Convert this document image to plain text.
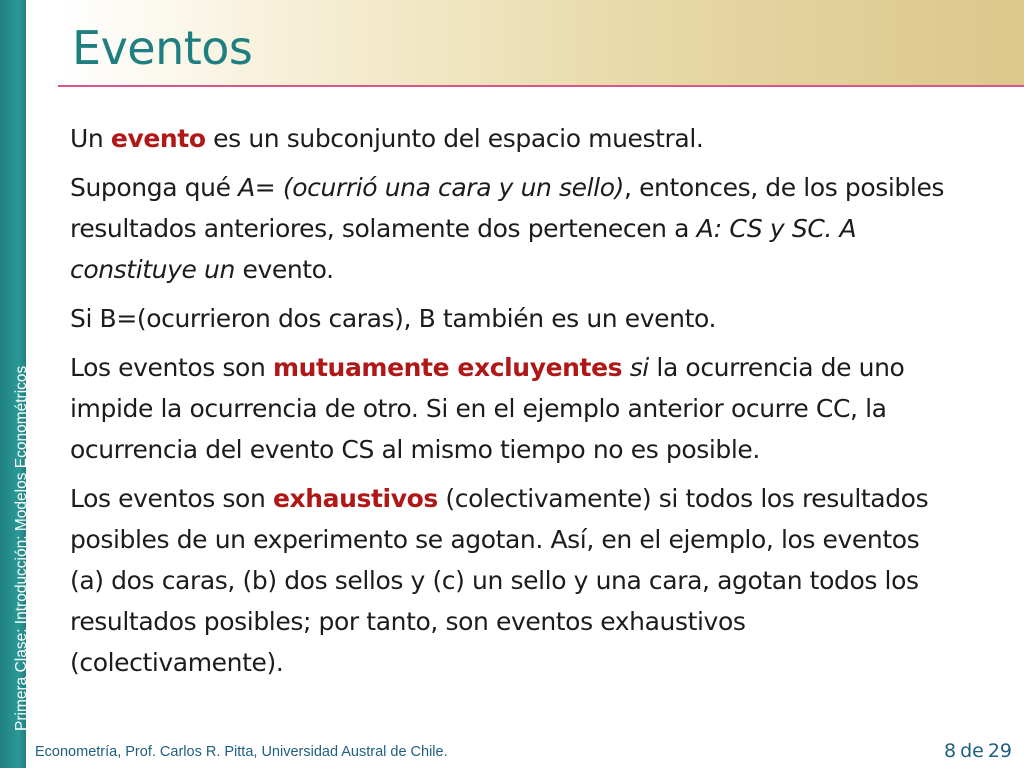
Primera Clase: Introducción: Modelos Econométricos
Eventos

Un evento es un subconjunto del espacio muestral.

Suponga qué A= (ocurrió una cara y un sello), entonces, de los posibles resultados anteriores, solamente dos pertenecen a A: CS y SC. A constituye un evento.

Si B=(ocurrieron dos caras), B también es un evento.

Los eventos son mutuamente excluyentes si la ocurrencia de uno impide la ocurrencia de otro. Si en el ejemplo anterior ocurre CC, la ocurrencia del evento CS al mismo tiempo no es posible.

Los eventos son exhaustivos (colectivamente) si todos los resultados posibles de un experimento se agotan. Así, en el ejemplo, los eventos (a) dos caras, (b) dos sellos y (c) un sello y una cara, agotan todos los resultados posibles; por tanto, son eventos exhaustivos (colectivamente).

Econometría, Prof. Carlos R. Pitta, Universidad Austral de Chile.	8 de 29
